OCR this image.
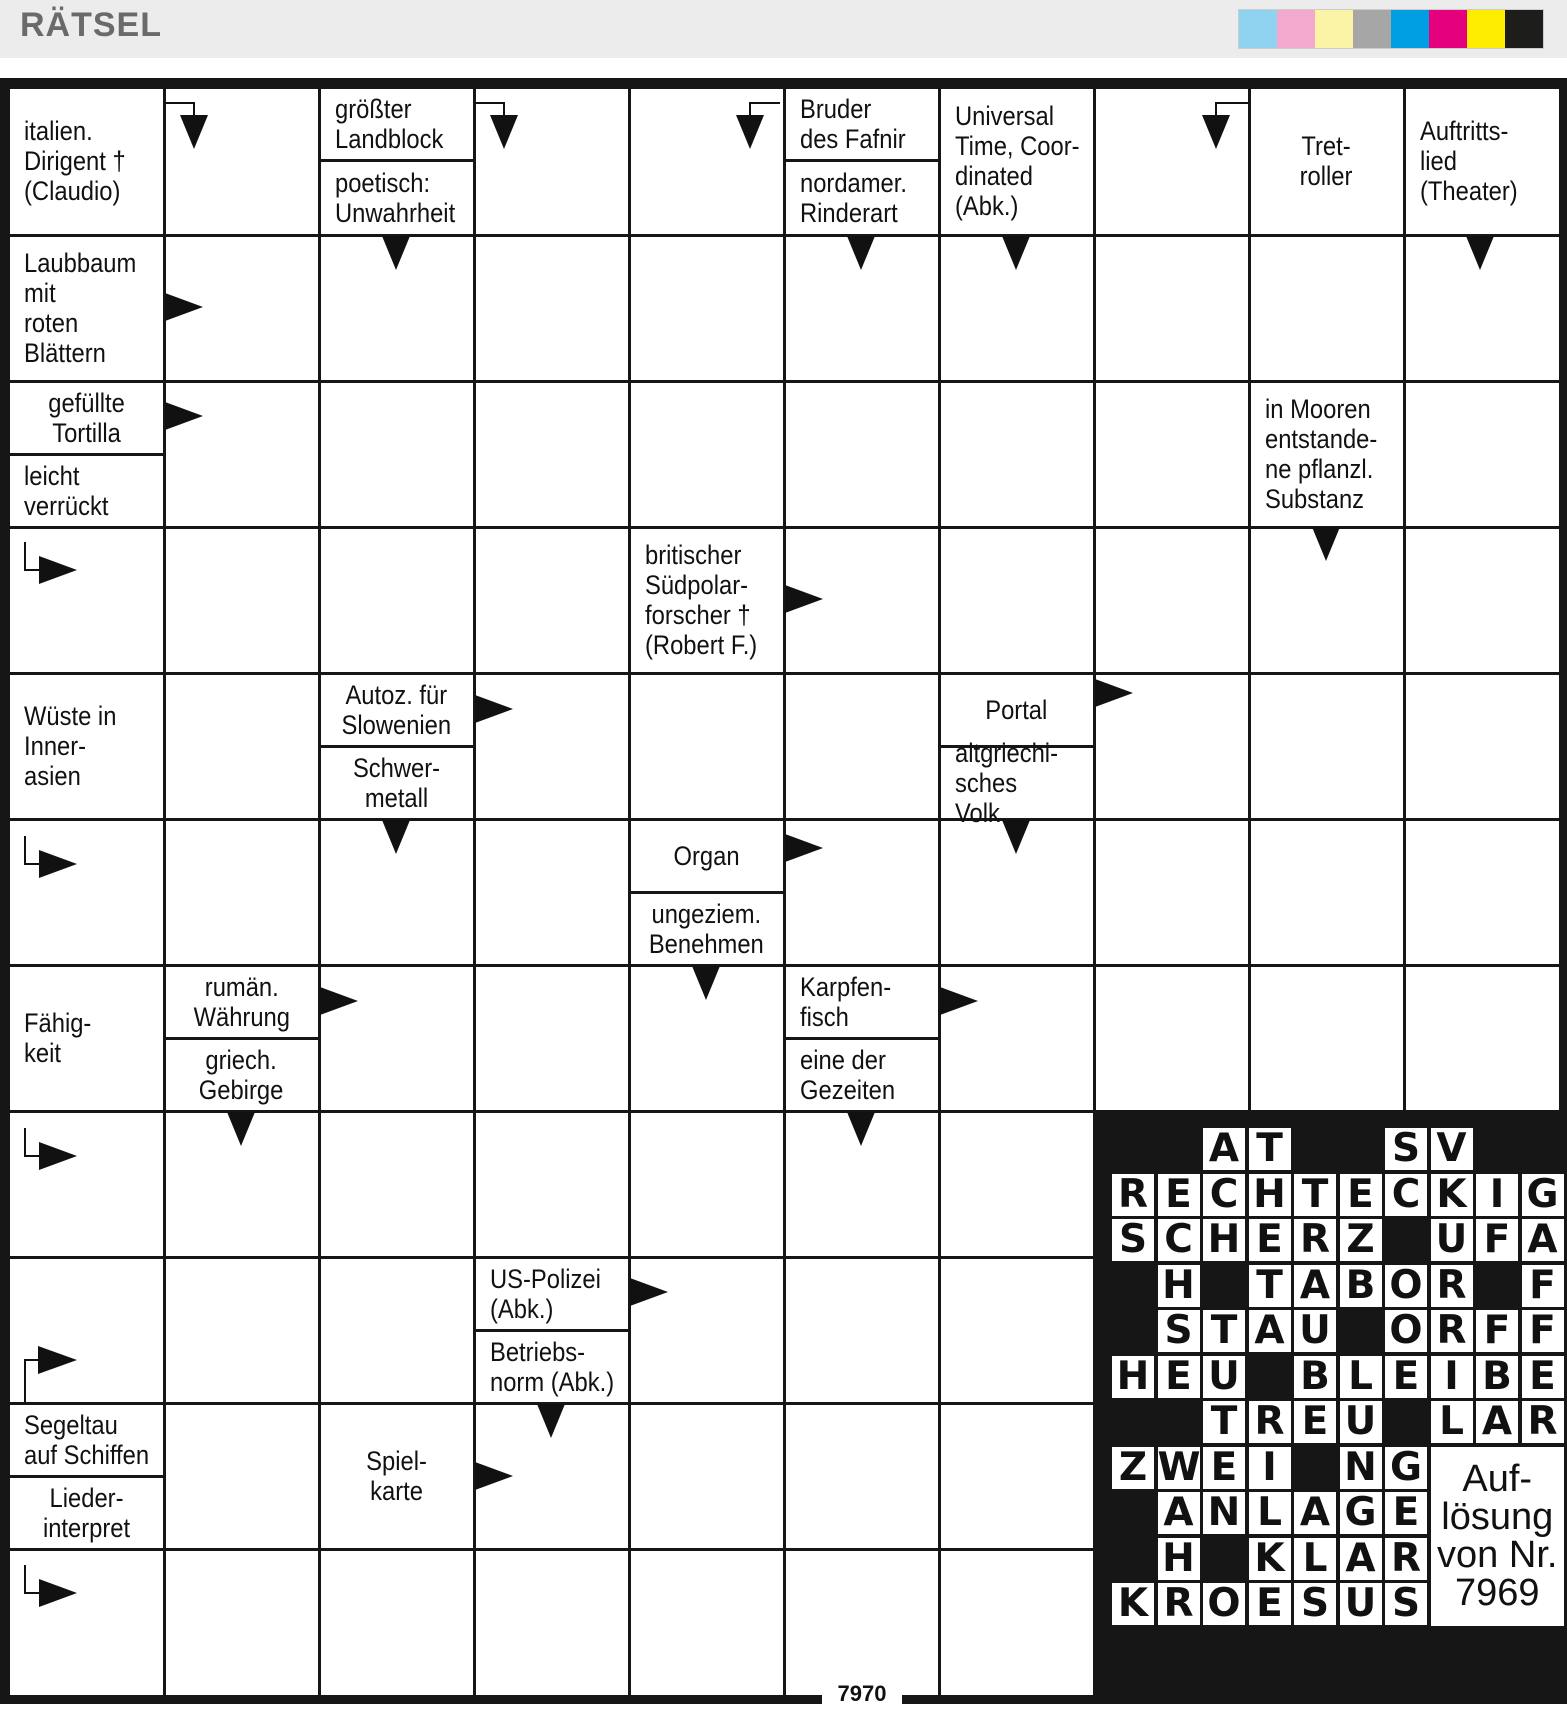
RÄTSEL
italien.
Dirigent †
(Claudio)
größter
Landblock
poetisch:
Unwahrheit
Bruder
des Fafnir
nordamer.
Rinderart
Universal
Time, Coor-
dinated
(Abk.)
Tret-
roller
Auftritts-
lied
(Theater)
Laubbaum
mit
roten
Blättern
gefüllte
Tortilla
leicht
verrückt
in Mooren
entstande-
ne pflanzl.
Substanz
britischer
Südpolar-
forscher †
(Robert F.)
Wüste in
Inner-
asien
Autoz. für
Slowenien
Schwer-
metall
Portal
altgriechi-
sches
Volk
Organ
ungeziem.
Benehmen
Fähig-
keit
rumän.
Währung
griech.
Gebirge
Karpfen-
fisch
eine der
Gezeiten
US-Polizei
(Abk.)
Betriebs-
norm (Abk.)
Segeltau
auf Schiffen	Spiel-
karte
Lieder-
interpret
A T	S V
R E C H T E C K I G
S C H E R Z U F A
H T A B O R F
S T A U O R F F
H E U B L E I B E
T R E U L A R
Z W E I	N G
A N L A G E
H K L A R
K R O E S U S
Auf-
lösung
von Nr.
7969
7970
